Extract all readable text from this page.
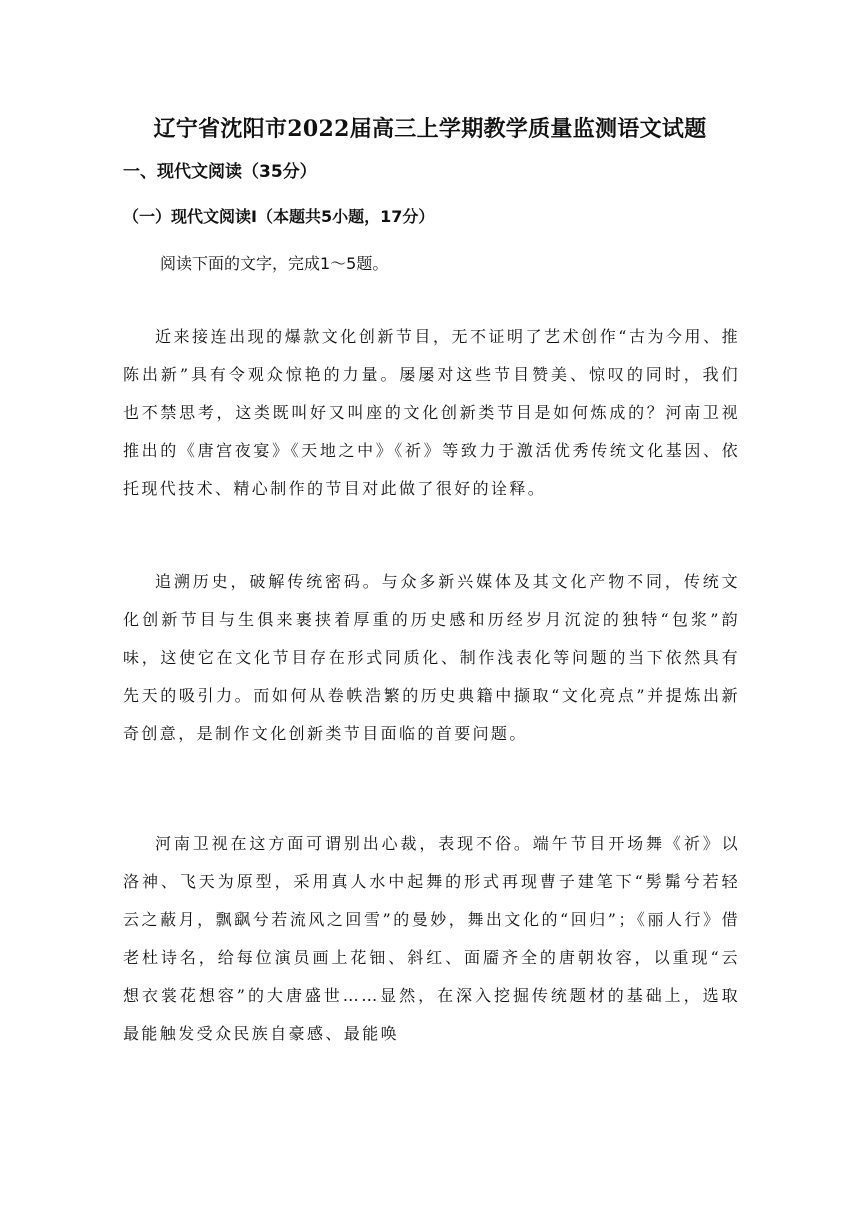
辽宁省沈阳市2022届高三上学期教学质量监测语文试题
一、现代文阅读（35分）
（一）现代文阅读Ⅰ（本题共5小题，17分）
阅读下面的文字，完成1～5题。

近来接连出现的爆款文化创新节目，无不证明了艺术创作“古为今用、推陈出新”具有令观众惊艳的力量。屡屡对这些节目赞美、惊叹的同时，我们也不禁思考，这类既叫好又叫座的文化创新类节目是如何炼成的？河南卫视推出的《唐宫夜宴》《天地之中》《祈》等致力于激活优秀传统文化基因、依托现代技术、精心制作的节目对此做了很好的诠释。

追溯历史，破解传统密码。与众多新兴媒体及其文化产物不同，传统文化创新节目与生俱来裹挟着厚重的历史感和历经岁月沉淀的独特“包浆”韵味，这使它在文化节目存在形式同质化、制作浅表化等问题的当下依然具有先天的吸引力。而如何从卷帙浩繁的历史典籍中撷取“文化亮点”并提炼出新奇创意，是制作文化创新类节目面临的首要问题。

河南卫视在这方面可谓别出心裁，表现不俗。端午节目开场舞《祈》以洛神、飞天为原型，采用真人水中起舞的形式再现曹子建笔下“髣髴兮若轻云之蔽月，飘飖兮若流风之回雪”的曼妙，舞出文化的“回归”；《丽人行》借老杜诗名，给每位演员画上花钿、斜红、面靥齐全的唐朝妆容，以重现“云想衣裳花想容”的大唐盛世……显然，在深入挖掘传统题材的基础上，选取最能触发受众民族自豪感、最能唤
